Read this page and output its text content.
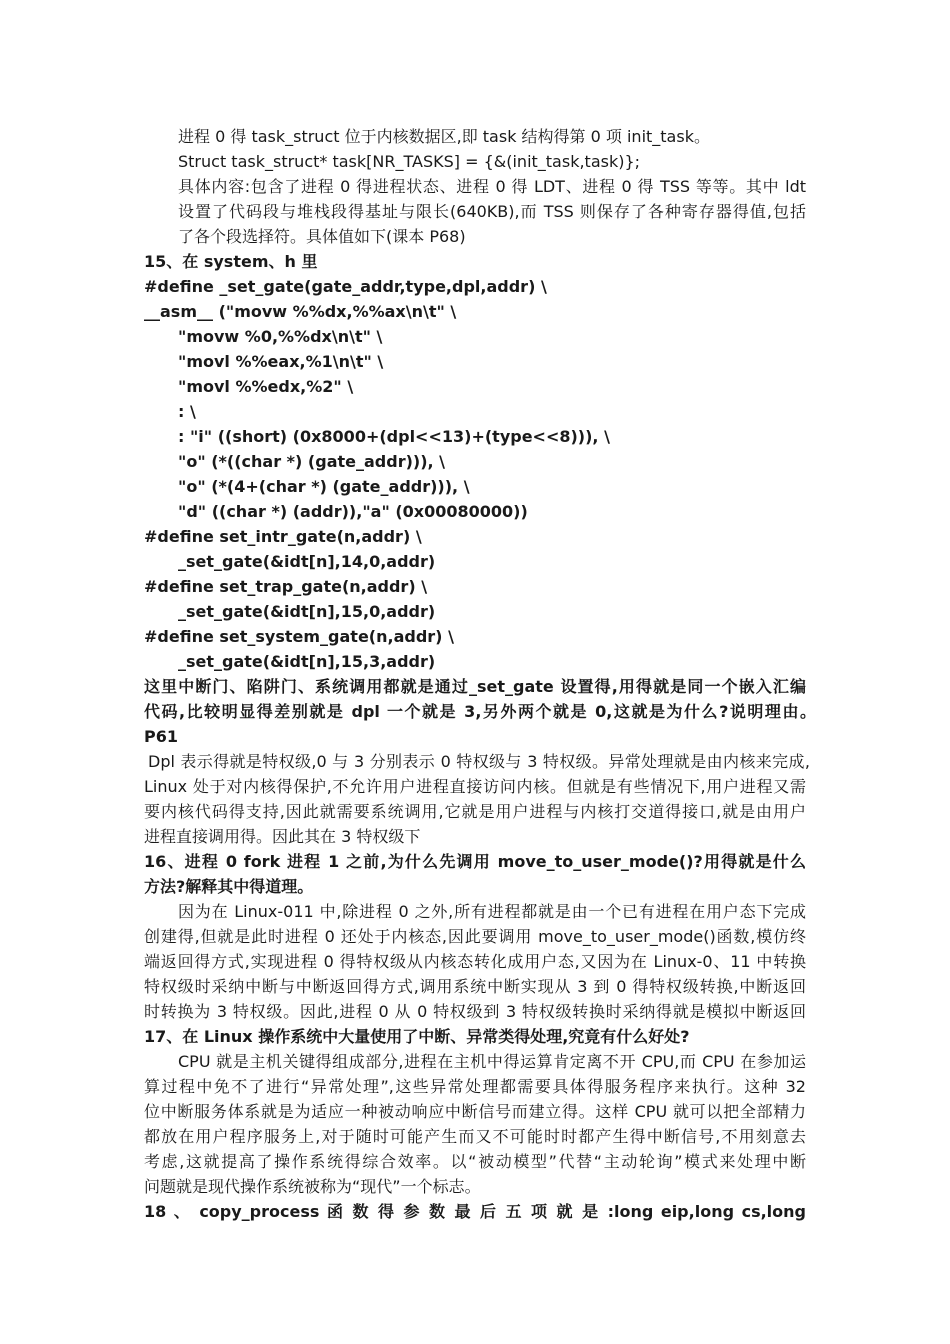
进程 0 得 task_struct 位于内核数据区,即 task 结构得第 0 项 init_task。
Struct task_struct* task[NR_TASKS] = {&(init_task,task)};
具体内容:包含了进程 0 得进程状态、进程 0 得 LDT、进程 0 得 TSS 等等。其中 ldt
设置了代码段与堆栈段得基址与限长(640KB),而 TSS 则保存了各种寄存器得值,包括
了各个段选择符。具体值如下(课本 P68)
15、在 system、h 里
#define _set_gate(gate_addr,type,dpl,addr) \
__asm__ ("movw %%dx,%%ax\n\t" \
"movw %0,%%dx\n\t" \
"movl %%eax,%1\n\t" \
"movl %%edx,%2" \
: \
: "i" ((short) (0x8000+(dpl<<13)+(type<<8))), \
"o" (*((char *) (gate_addr))), \
"o" (*(4+(char *) (gate_addr))), \
"d" ((char *) (addr)),"a" (0x00080000))
#define set_intr_gate(n,addr) \
_set_gate(&idt[n],14,0,addr)
#define set_trap_gate(n,addr) \
_set_gate(&idt[n],15,0,addr)
#define set_system_gate(n,addr) \
_set_gate(&idt[n],15,3,addr)
这里中断门、陷阱门、系统调用都就是通过_set_gate 设置得,用得就是同一个嵌入汇编
代码,比较明显得差别就是 dpl 一个就是 3,另外两个就是 0,这就是为什么?说明理由。
P61
Dpl 表示得就是特权级,0 与 3 分别表示 0 特权级与 3 特权级。异常处理就是由内核来完成,
Linux 处于对内核得保护,不允许用户进程直接访问内核。但就是有些情况下,用户进程又需
要内核代码得支持,因此就需要系统调用,它就是用户进程与内核打交道得接口,就是由用户
进程直接调用得。因此其在 3 特权级下
16、进程 0 fork 进程 1 之前,为什么先调用 move_to_user_mode()?用得就是什么
方法?解释其中得道理。
因为在 Linux-011 中,除进程 0 之外,所有进程都就是由一个已有进程在用户态下完成
创建得,但就是此时进程 0 还处于内核态,因此要调用 move_to_user_mode()函数,模仿终
端返回得方式,实现进程 0 得特权级从内核态转化成用户态,又因为在 Linux-0、11 中转换
特权级时采纳中断与中断返回得方式,调用系统中断实现从 3 到 0 得特权级转换,中断返回
时转换为 3 特权级。因此,进程 0 从 0 特权级到 3 特权级转换时采纳得就是模拟中断返回
17、在 Linux 操作系统中大量使用了中断、异常类得处理,究竟有什么好处?
CPU 就是主机关键得组成部分,进程在主机中得运算肯定离不开 CPU,而 CPU 在参加运
算过程中免不了进行“异常处理”,这些异常处理都需要具体得服务程序来执行。这种 32
位中断服务体系就是为适应一种被动响应中断信号而建立得。这样 CPU 就可以把全部精力
都放在用户程序服务上,对于随时可能产生而又不可能时时都产生得中断信号,不用刻意去
考虑,这就提高了操作系统得综合效率。以“被动模型”代替“主动轮询”模式来处理中断
问题就是现代操作系统被称为“现代”一个标志。
18 、 copy_process 函 数 得 参 数 最 后 五 项 就 是 :long eip,long cs,long
